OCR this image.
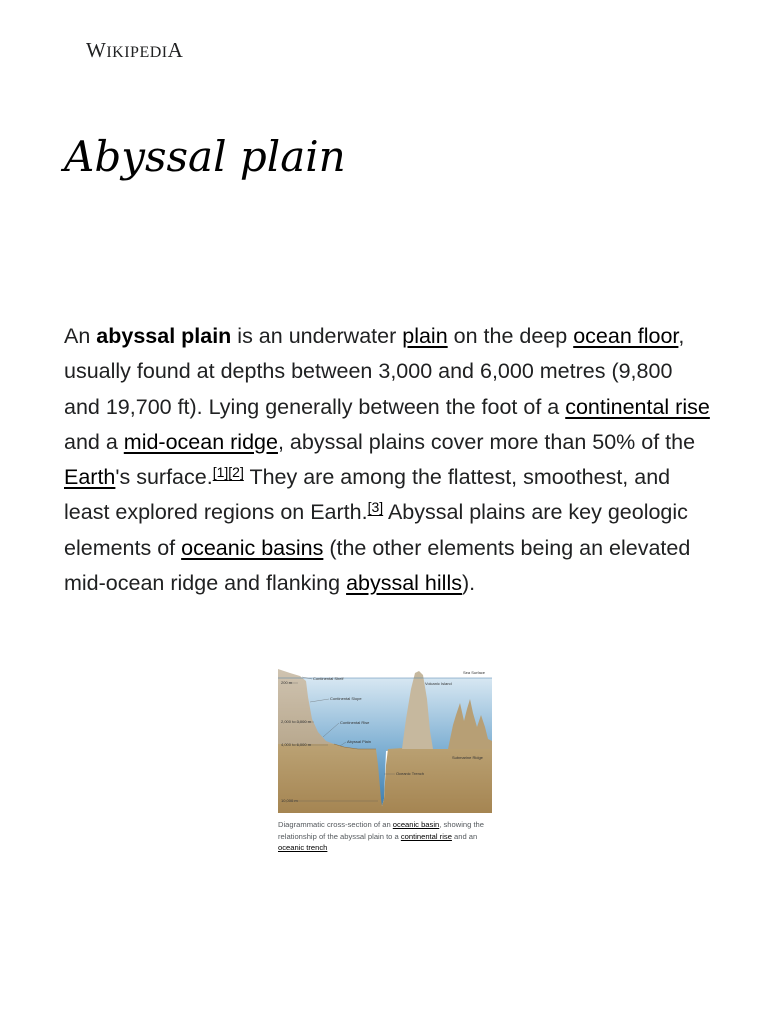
WIKIPEDIA
Abyssal plain

An abyssal plain is an underwater plain on the deep ocean floor, usually found at depths between 3,000 and 6,000 metres (9,800 and 19,700 ft). Lying generally between the foot of a continental rise and a mid-ocean ridge, abyssal plains cover more than 50% of the Earth's surface.[1][2] They are among the flattest, smoothest, and least explored regions on Earth.[3] Abyssal plains are key geologic elements of oceanic basins (the other elements being an elevated mid-ocean ridge and flanking abyssal hills).

Sea Surface
Continental Shelf
Volcanic Island
200 m
Continental Slope
2,000 to 3,000 m	Continental Rise
Abyssal Plain
4,000 to 6,000 m
Oceanic Trench
Submarine Ridge
10,000 m
Diagrammatic cross-section of an oceanic basin, showing the relationship of the abyssal plain to a continental rise and an oceanic trench
